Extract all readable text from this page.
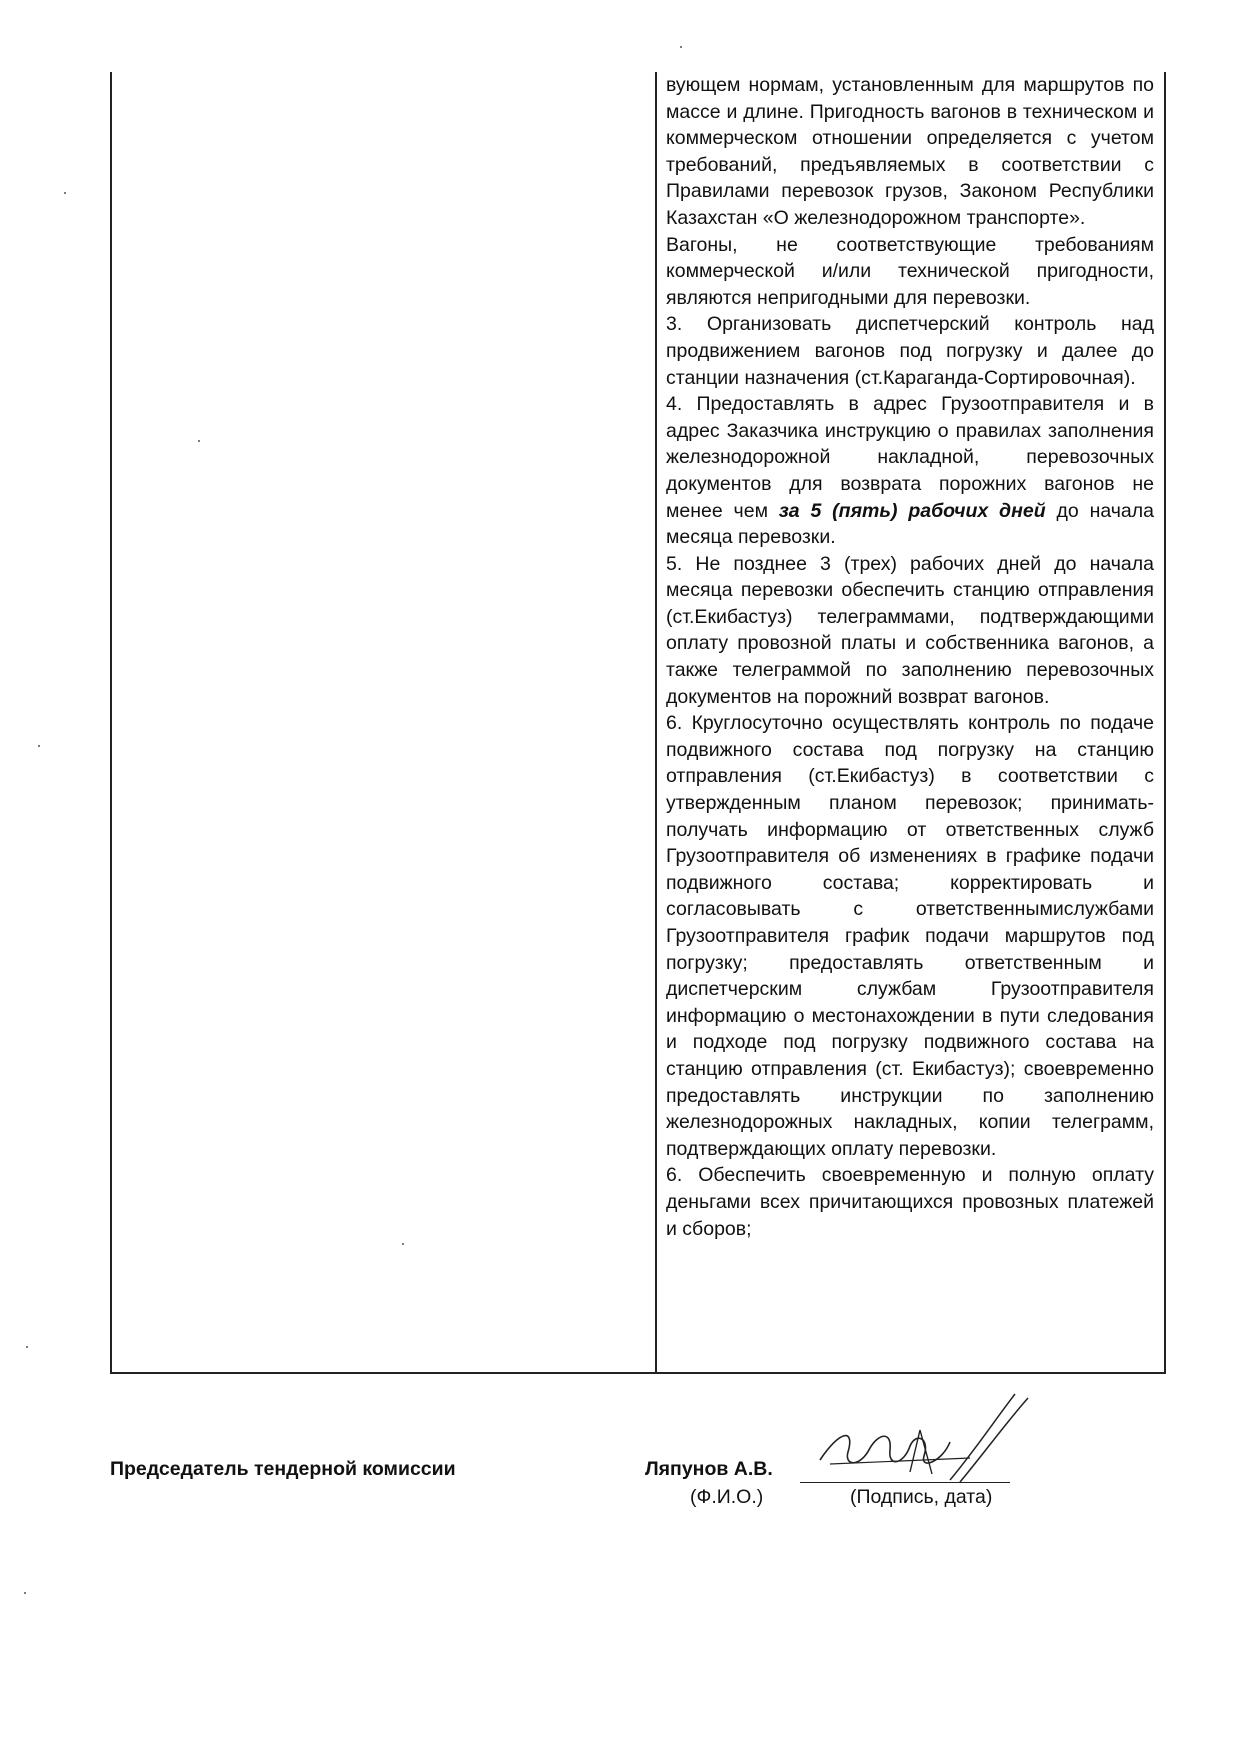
вующем нормам, установленным для маршрутов по массе и длине. Пригодность вагонов в техническом и коммерческом отношении определяется с учетом требований, предъявляемых в соответствии с Правилами перевозок грузов, Законом Республики Казахстан «О железнодорожном транспорте».

Вагоны, не соответствующие требованиям коммерческой и/или технической пригодности, являются непригодными для перевозки.

3. Организовать диспетчерский контроль над продвижением вагонов под погрузку и далее до станции назначения (ст.Караганда-Сортировочная).

4. Предоставлять в адрес Грузоотправителя и в адрес Заказчика инструкцию о правилах заполнения железнодорожной накладной, перевозочных документов для возврата порожних вагонов не менее чем за 5 (пять) рабочих дней до начала месяца перевозки.

5. Не позднее 3 (трех) рабочих дней до начала месяца перевозки обеспечить станцию отправления (ст.Екибастуз) телеграммами, подтверждающими оплату провозной платы и собственника вагонов, а также телеграммой по заполнению перевозочных документов на порожний возврат вагонов.

6. Круглосуточно осуществлять контроль по подаче подвижного состава под погрузку на станцию отправления (ст.Екибастуз) в соответствии с утвержденным планом перевозок; принимать-получать информацию от ответственных служб Грузоотправителя об изменениях в графике подачи подвижного состава; корректировать и согласовывать с ответственнымислужбами Грузоотправителя график подачи маршрутов под погрузку; предоставлять ответственным и диспетчерским службам Грузоотправителя информацию о местонахождении в пути следования и подходе под погрузку подвижного состава на станцию отправления (ст. Екибастуз); своевременно предоставлять инструкции по заполнению железнодорожных накладных, копии телеграмм, подтверждающих оплату перевозки.

6. Обеспечить своевременную и полную оплату деньгами всех причитающихся провозных платежей и сборов;

Председатель тендерной комиссии	Ляпунов А.В.
(Ф.И.О.)	(Подпись, дата)
